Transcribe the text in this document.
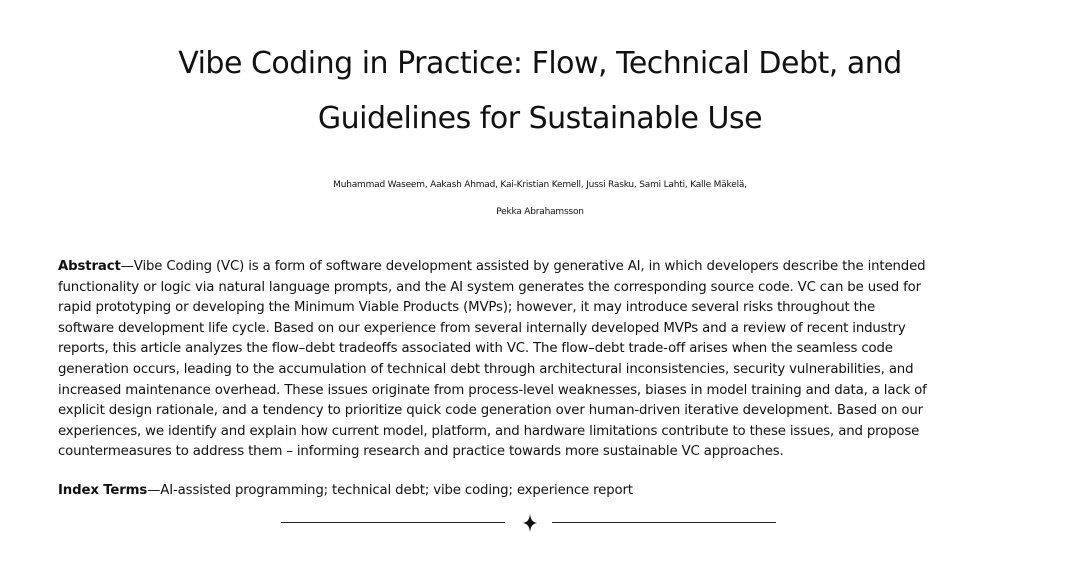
Vibe Coding in Practice: Flow, Technical Debt, and
Guidelines for Sustainable Use
Muhammad Waseem, Aakash Ahmad, Kai-Kristian Kemell, Jussi Rasku, Sami Lahti, Kalle Mäkelä,
Pekka Abrahamsson

Abstract—Vibe Coding (VC) is a form of software development assisted by generative AI, in which developers describe the intended
functionality or logic via natural language prompts, and the AI system generates the corresponding source code. VC can be used for
rapid prototyping or developing the Minimum Viable Products (MVPs); however, it may introduce several risks throughout the
software development life cycle. Based on our experience from several internally developed MVPs and a review of recent industry
reports, this article analyzes the flow–debt tradeoffs associated with VC. The flow–debt trade-off arises when the seamless code
generation occurs, leading to the accumulation of technical debt through architectural inconsistencies, security vulnerabilities, and
increased maintenance overhead. These issues originate from process-level weaknesses, biases in model training and data, a lack of
explicit design rationale, and a tendency to prioritize quick code generation over human-driven iterative development. Based on our
experiences, we identify and explain how current model, platform, and hardware limitations contribute to these issues, and propose
countermeasures to address them – informing research and practice towards more sustainable VC approaches.

Index Terms—AI-assisted programming; technical debt; vibe coding; experience report
